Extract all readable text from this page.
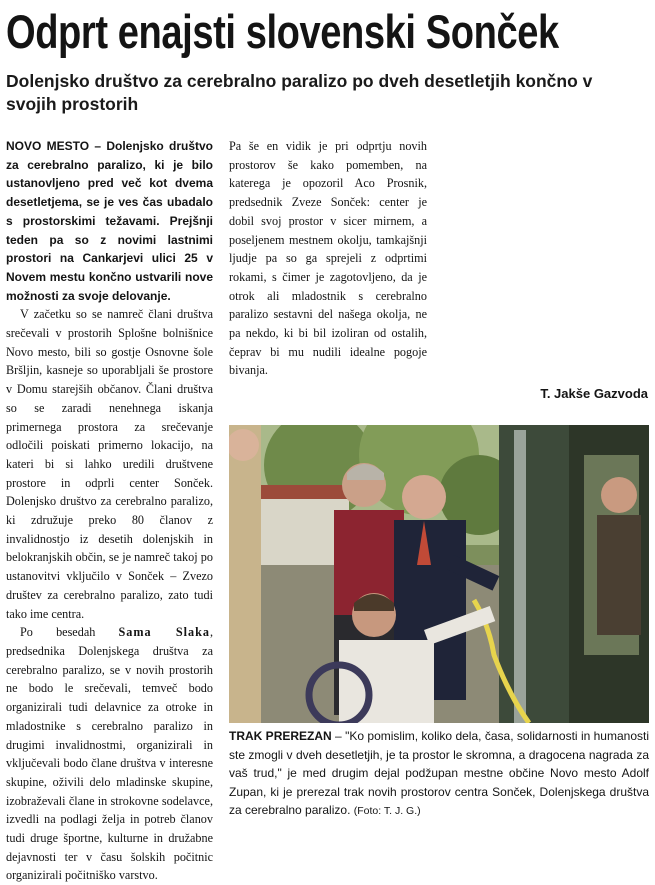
Odprt enajsti slovenski Sonček
Dolenjsko društvo za cerebralno paralizo po dveh desetletjih končno v svojih prostorih

NOVO MESTO – Dolenjsko društvo za cerebralno paralizo, ki je bilo ustanovljeno pred več kot dvema desetletjema, se je ves čas ubadalo s prostorskimi težavami. Prejšnji teden pa so z novimi lastnimi prostori na Cankarjevi ulici 25 v Novem mestu končno ustvarili nove možnosti za svoje delovanje.

V začetku so se namreč člani društva srečevali v prostorih Splošne bolnišnice Novo mesto, bili so gostje Osnovne šole Bršljin, kasneje so uporabljali še prostore v Domu starejših občanov. Člani društva so se zaradi nenehnega iskanja primernega prostora za srečevanje odločili poiskati primerno lokacijo, na kateri bi si lahko uredili društvene prostore in odprli center Sonček. Dolenjsko društvo za cerebralno paralizo, ki združuje preko 80 članov z invalidnostjo iz desetih dolenjskih in belokranjskih občin, se je namreč takoj po ustanovitvi vključilo v Sonček – Zvezo društev za cerebralno paralizo, zato tudi tako ime centra.

Po besedah Sama Slaka, predsednika Dolenjskega društva za cerebralno paralizo, se v novih prostorih ne bodo le srečevali, temveč bodo organizirali tudi delavnice za otroke in mladostnike s cerebralno paralizo in drugimi invalidnostmi, organizirali in vključevali bodo člane društva v interesne skupine, oživili delo mladinske skupine, izobraževali člane in strokovne sodelavce, izvedli na podlagi želja in potreb članov tudi druge športne, kulturne in družabne dejavnosti ter v času šolskih počitnic organizirali počitniško varstvo.

Pa še en vidik je pri odprtju novih prostorov še kako pomemben, na katerega je opozoril Aco Prosnik, predsednik Zveze Sonček: center je dobil svoj prostor v sicer mirnem, a poseljenem mestnem okolju, tamkajšnji ljudje pa so ga sprejeli z odprtimi rokami, s čimer je zagotovljeno, da je otrok ali mladostnik s cerebralno paralizo sestavni del našega okolja, ne pa nekdo, ki bi bil izoliran od ostalih, čeprav bi mu nudili idealne pogoje bivanja.

T. Jakše Gazvoda
TRAK PREREZAN – "Ko pomislim, koliko dela, časa, solidarnosti in humanosti ste zmogli v dveh desetletjih, je ta prostor le skromna, a dragocena nagrada za vaš trud," je med drugim dejal podžupan mestne občine Novo mesto Adolf Zupan, ki je prerezal trak novih prostorov centra Sonček, Dolenjskega društva za cerebralno paralizo. (Foto: T. J. G.)
